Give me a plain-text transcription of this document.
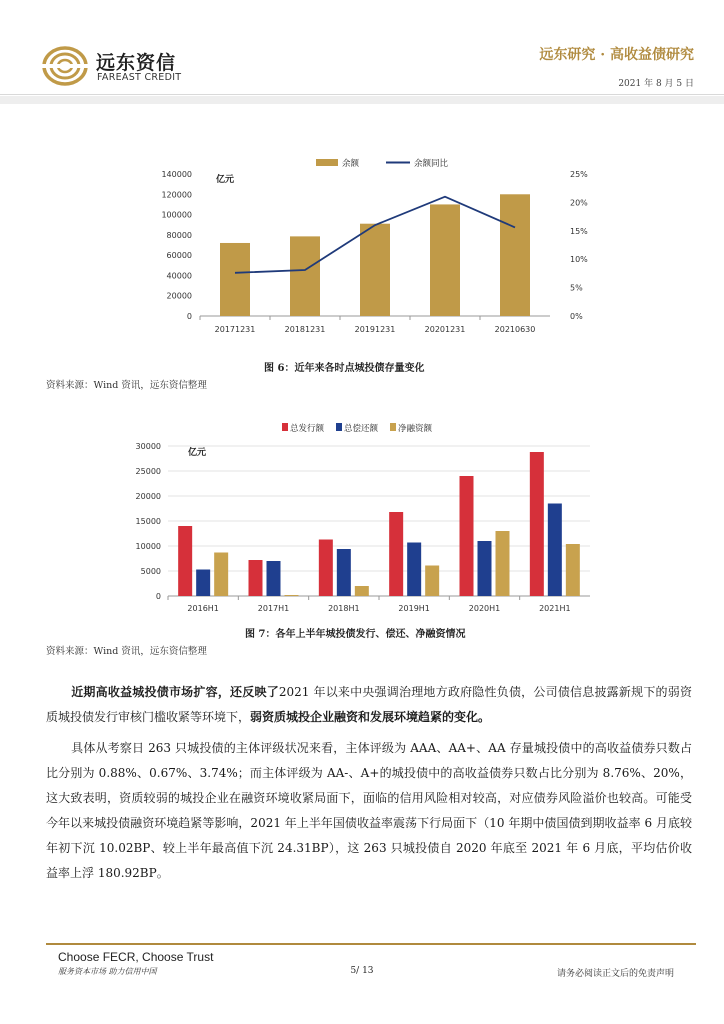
远东资信
FAREAST CREDIT
远东研究 · 高收益债研究
2021 年 8 月 5 日
0
20000
40000
60000
80000
100000
120000
140000
0%
5%
10%
15%
20%
25%
亿元
20171231	20181231	20191231	20201231	20210630
余额	余额同比
图 6：近年来各时点城投债存量变化
资料来源：Wind 资讯，远东资信整理
0
5000
10000
15000
20000
25000
30000
亿元
2016H1	2017H1	2018H1	2019H1	2020H1	2021H1
总发行额 总偿还额 净融资额
图 7：各年上半年城投债发行、偿还、净融资情况
资料来源：Wind 资讯，远东资信整理
近期高收益城投债市场扩容，还反映了2021 年以来中央强调治理地方政府隐性负债，公司债信息披露新规下的弱资质城投债发行审核门槛收紧等环境下，弱资质城投企业融资和发展环境趋紧的变化。
具体从考察日 263 只城投债的主体评级状况来看，主体评级为 AAA、AA+、AA 存量城投债中的高收益债券只数占比分别为 0.88%、0.67%、3.74%；而主体评级为 AA-、A+的城投债中的高收益债券只数占比分别为 8.76%、20%，这大致表明，资质较弱的城投企业在融资环境收紧局面下，面临的信用风险相对较高，对应债券风险溢价也较高。可能受今年以来城投债融资环境趋紧等影响，2021 年上半年国债收益率震荡下行局面下（10 年期中债国债到期收益率 6 月底较年初下沉 10.02BP、较上半年最高值下沉 24.31BP），这 263 只城投债自 2020 年底至 2021 年 6 月底，平均估价收益率上浮 180.92BP。
Choose FECR, Choose Trust
服务资本市场 助力信用中国	5/ 13	请务必阅读正文后的免责声明
